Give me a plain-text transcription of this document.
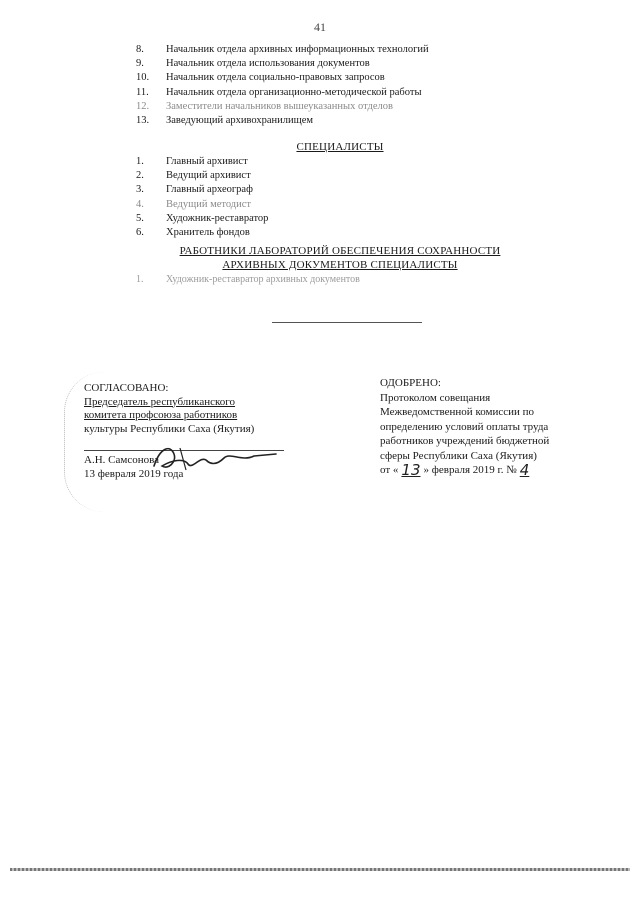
41
8.	Начальник отдела архивных информационных технологий
9.	Начальник отдела использования документов
10.	Начальник отдела социально-правовых запросов
11.	Начальник отдела организационно-методической работы
12.	Заместители начальников вышеуказанных отделов
13.	Заведующий архивохранилищем
СПЕЦИАЛИСТЫ
1.	Главный архивист
2.	Ведущий архивист
3.	Главный археограф
4.	Ведущий методист
5.	Художник-реставратор
6.	Хранитель фондов
РАБОТНИКИ ЛАБОРАТОРИЙ ОБЕСПЕЧЕНИЯ СОХРАННОСТИ
АРХИВНЫХ ДОКУМЕНТОВ СПЕЦИАЛИСТЫ
1. Художник-реставратор архивных документов
СОГЛАСОВАНО:
Председатель республиканского
комитета профсоюза работников
культуры Республики Саха (Якутия)
А.Н. Самсонова
13 февраля 2019 года
ОДОБРЕНО:
Протоколом совещания
Межведомственной комиссии по
определению условий оплаты труда
работников учреждений бюджетной
сферы Республики Саха (Якутия)
от « 13 » февраля 2019 г. № 4
